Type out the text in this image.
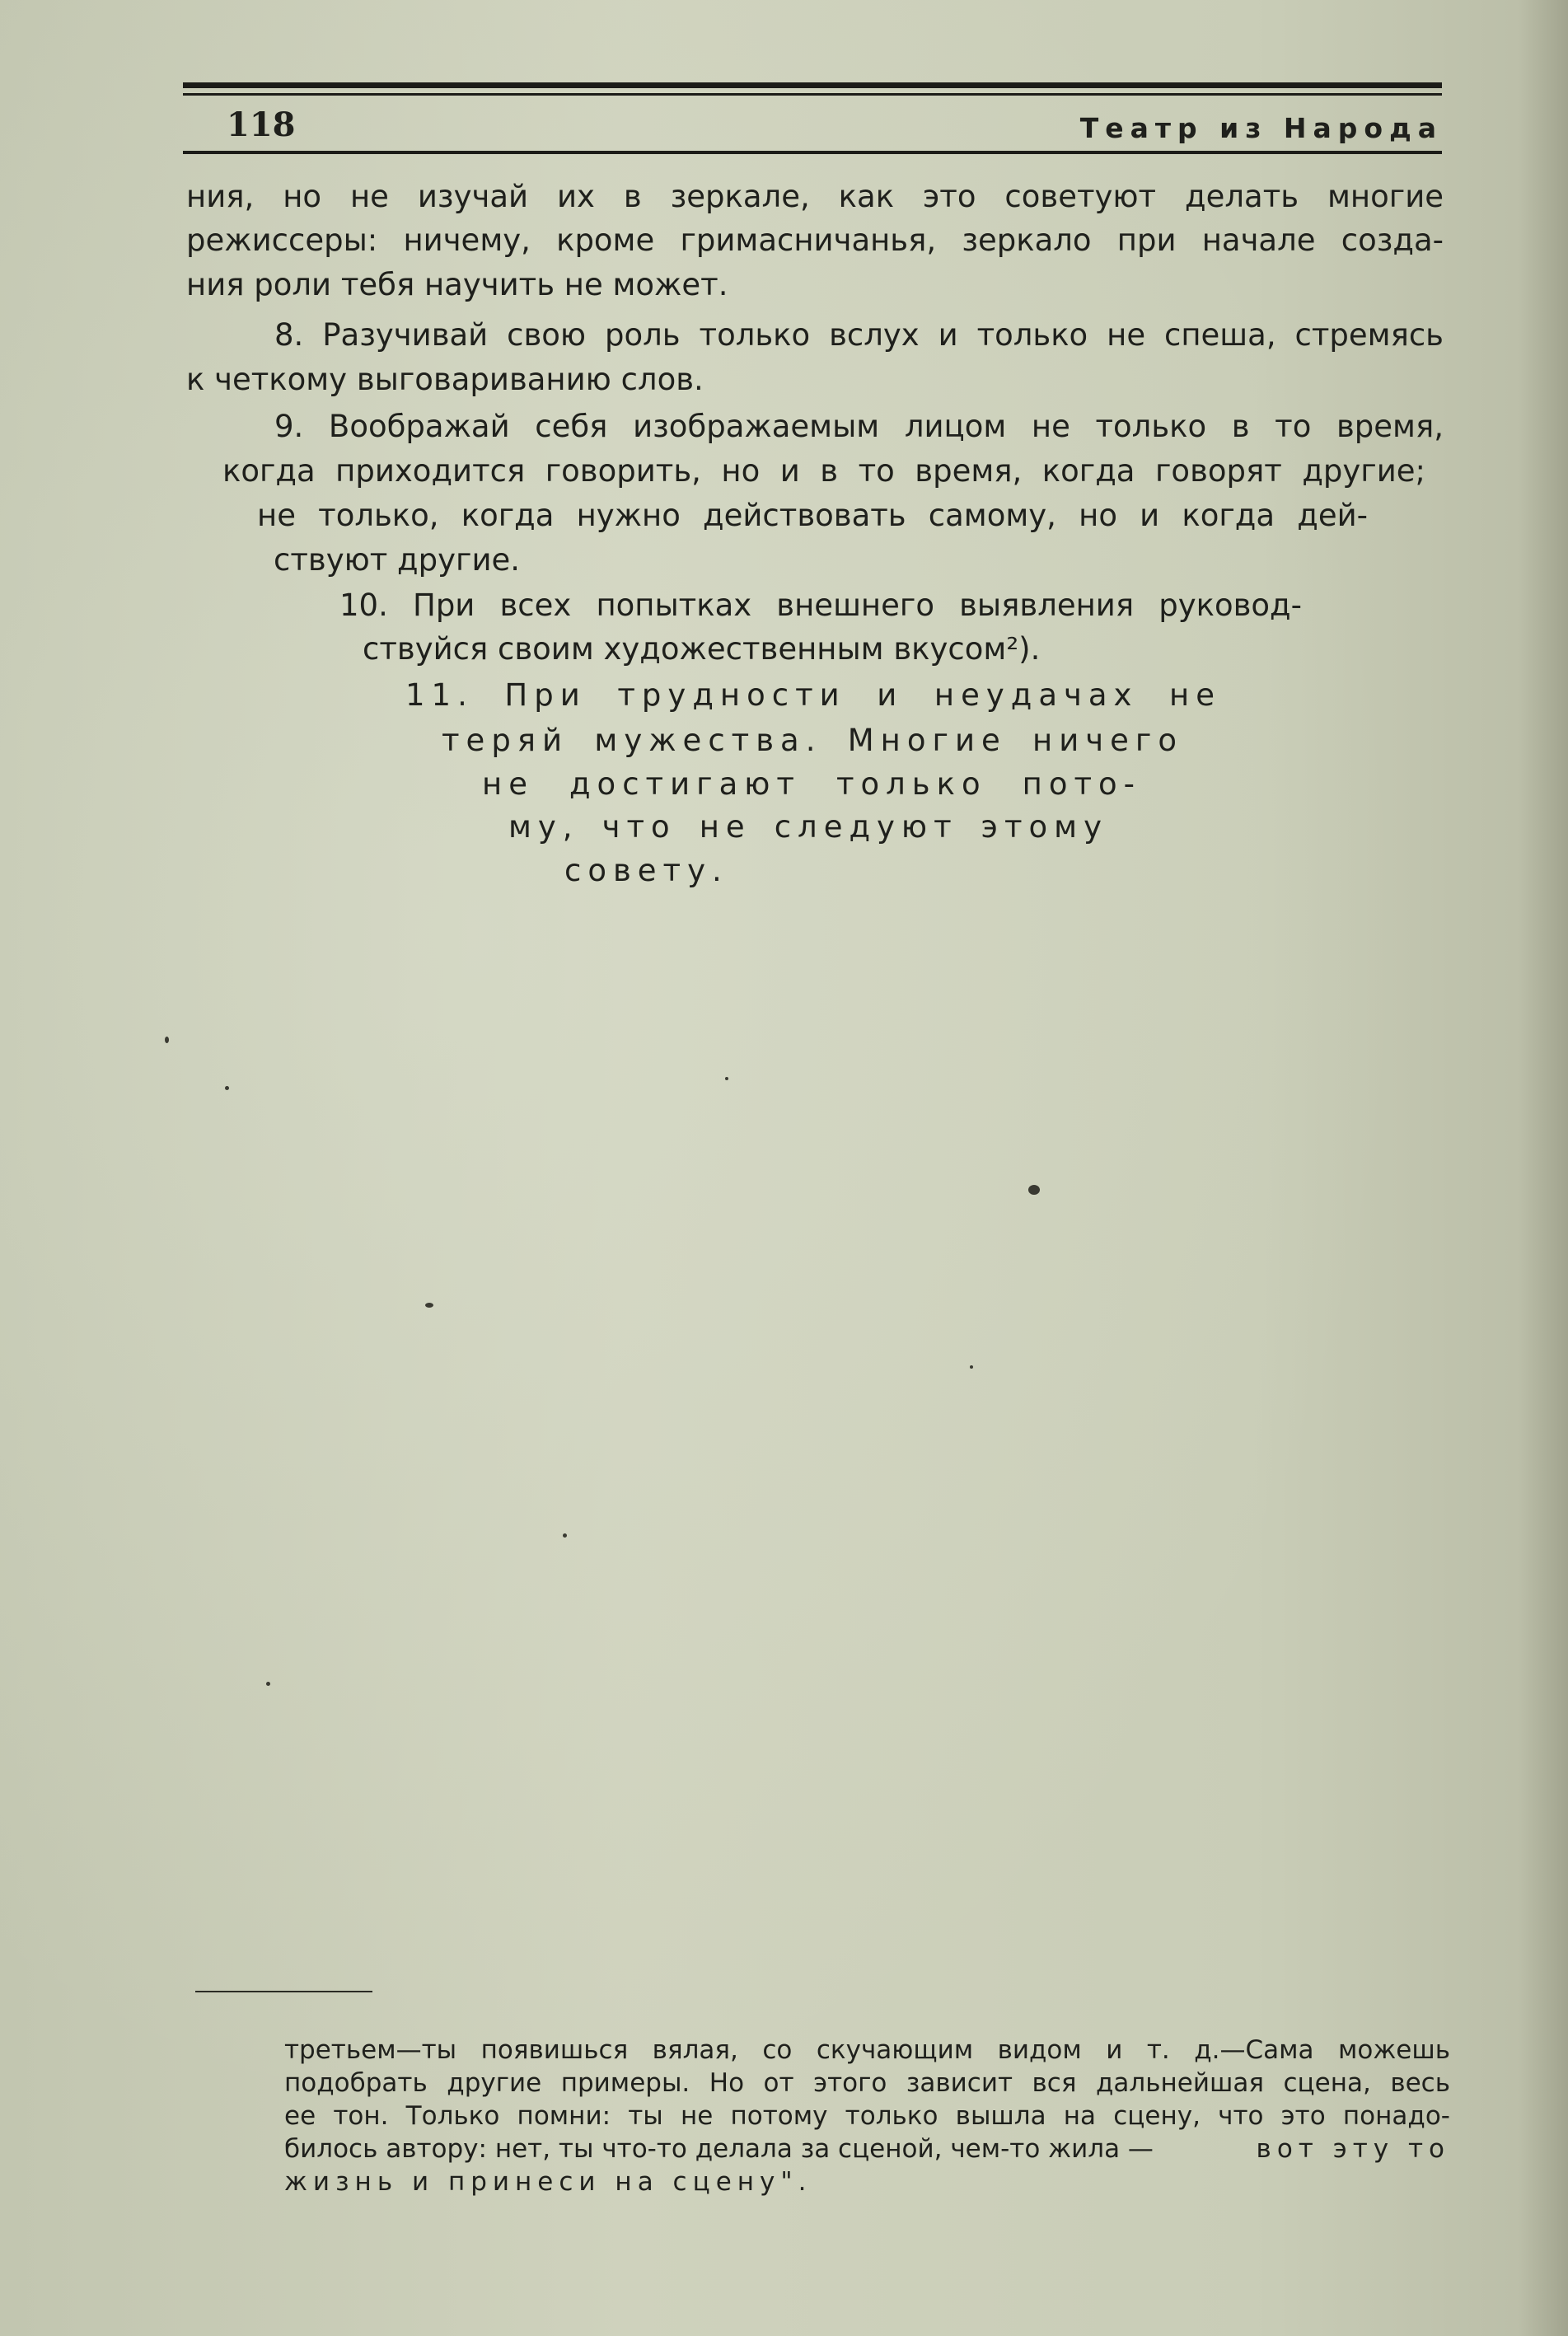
118	Театр из Народа
ния, но не изучай их в зеркале, как это советуют делать многие
режиссеры: ничему, кроме гримасничанья, зеркало при начале созда-
ния роли тебя научить не может.
8. Разучивай свою роль только вслух и только не спеша, стремясь
к четкому выговариванию слов.
9. Воображай себя изображаемым лицом не только в то время,
когда приходится говорить, но и в то время, когда говорят другие;
не только, когда нужно действовать самому, но и когда дей-
ствуют другие.
10. При всех попытках внешнего выявления руковод-
ствуйся своим художественным вкусом²).
11. При трудности и неудачах не
теряй мужества. Многие ничего
не достигают только пото-
му, что не следуют этому
совету.
третьем—ты появишься вялая, со скучающим видом и т. д.—Сама можешь
подобрать другие примеры. Но от этого зависит вся дальнейшая сцена, весь
ее тон. Только помни: ты не потому только вышла на сцену, что это понадо-
билось автору: нет, ты что-то делала за сценой, чем-то жила —	вот эту то
жизнь и принеси на сцену".
